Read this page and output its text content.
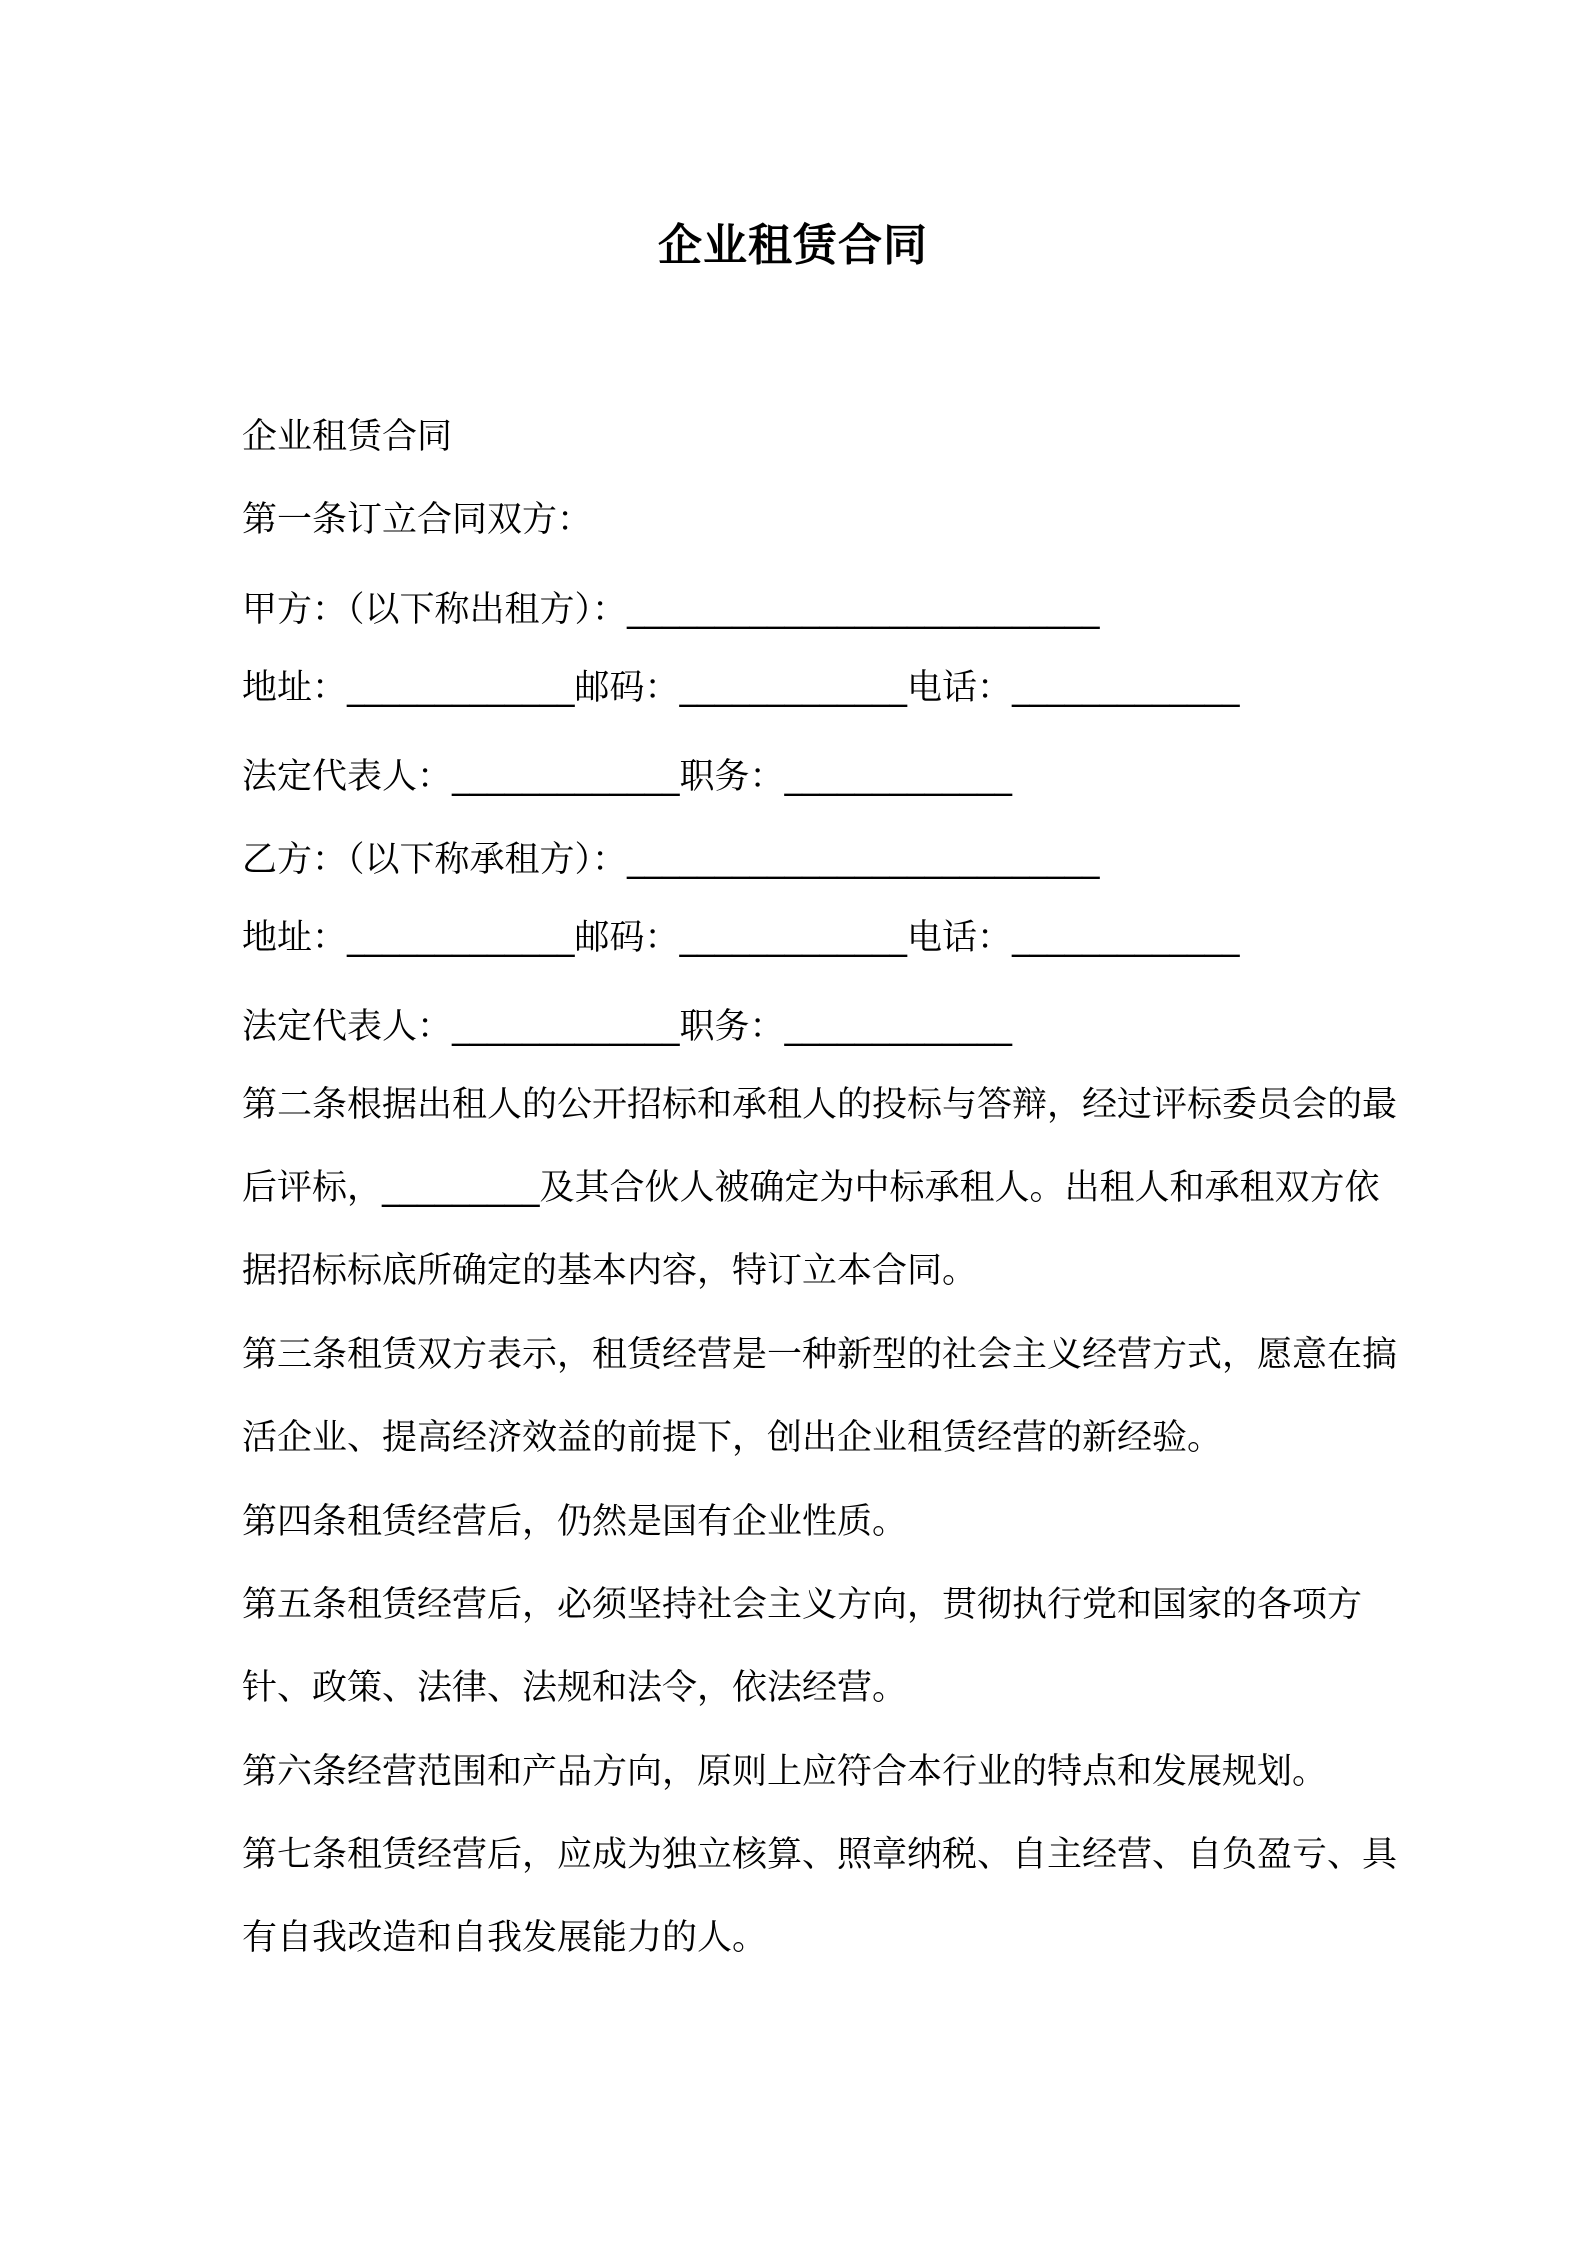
企业租赁合同
企业租赁合同
第一条订立合同双方：
甲方：（以下称出租方）：___________________________
地址：_____________邮码：_____________电话：_____________
法定代表人：_____________职务：_____________
乙方：（以下称承租方）：___________________________
地址：_____________邮码：_____________电话：_____________
法定代表人：_____________职务：_____________
第二条根据出租人的公开招标和承租人的投标与答辩，经过评标委员会的最后评标，_________及其合伙人被确定为中标承租人。出租人和承租双方依据招标标底所确定的基本内容，特订立本合同。
第三条租赁双方表示，租赁经营是一种新型的社会主义经营方式，愿意在搞活企业、提高经济效益的前提下，创出企业租赁经营的新经验。
第四条租赁经营后，仍然是国有企业性质。
第五条租赁经营后，必须坚持社会主义方向，贯彻执行党和国家的各项方针、政策、法律、法规和法令，依法经营。
第六条经营范围和产品方向，原则上应符合本行业的特点和发展规划。
第七条租赁经营后，应成为独立核算、照章纳税、自主经营、自负盈亏、具有自我改造和自我发展能力的人。
